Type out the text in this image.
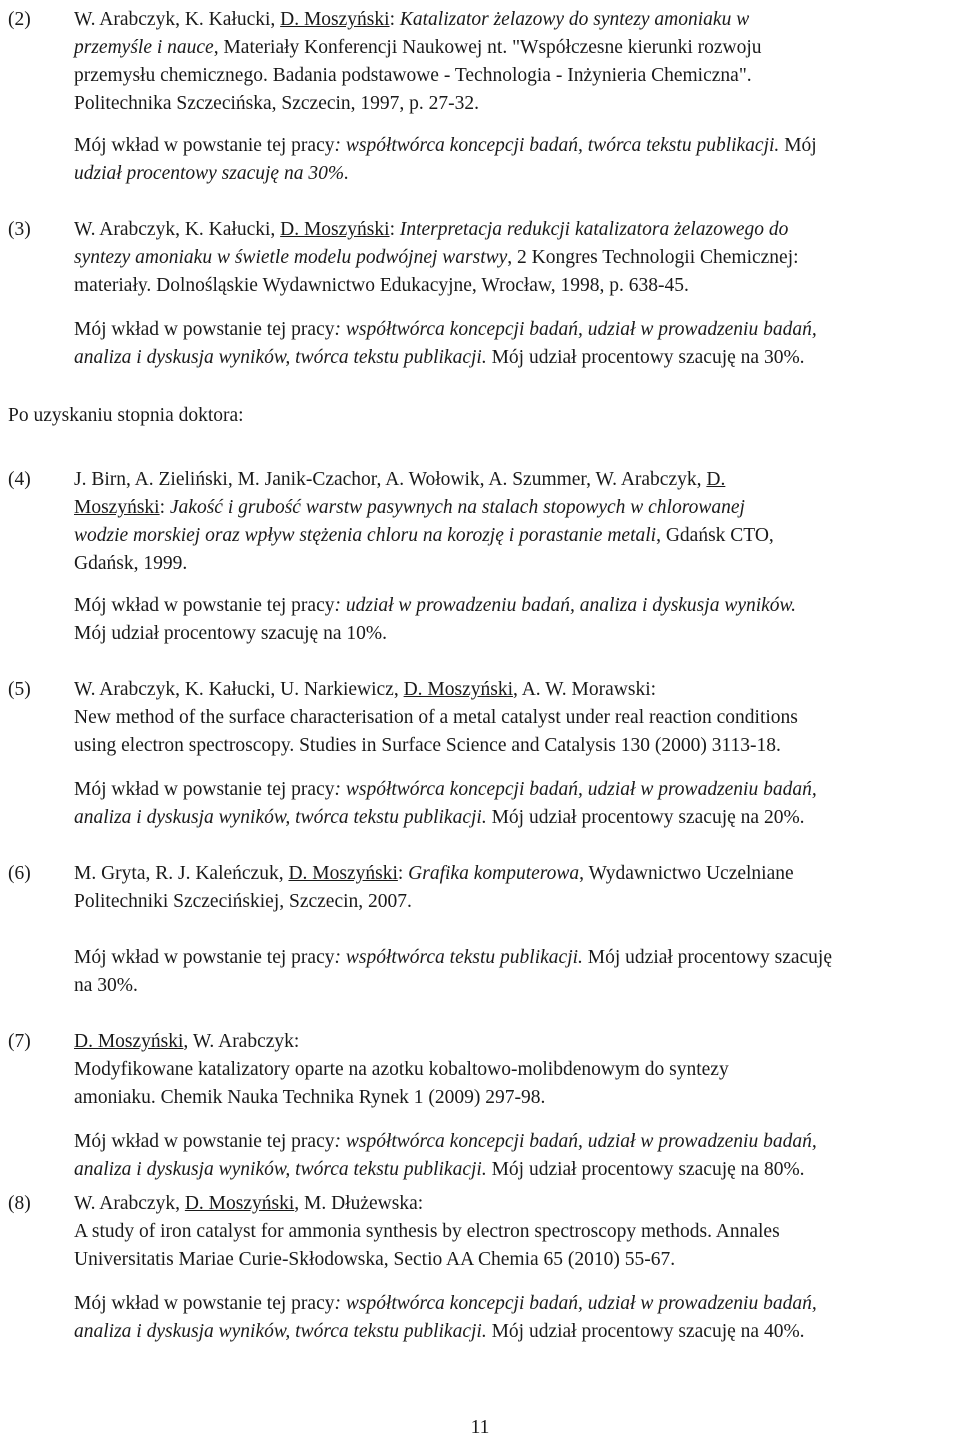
(2) W. Arabczyk, K. Kałucki, D. Moszyński: Katalizator żelazowy do syntezy amoniaku w
przemyśle i nauce, Materiały Konferencji Naukowej nt. "Współczesne kierunki rozwoju
przemysłu chemicznego. Badania podstawowe - Technologia - Inżynieria Chemiczna".
Politechnika Szczecińska, Szczecin, 1997, p. 27-32.
Mój wkład w powstanie tej pracy: współtwórca koncepcji badań, twórca tekstu publikacji. Mój
udział procentowy szacuję na 30%.
(3) W. Arabczyk, K. Kałucki, D. Moszyński: Interpretacja redukcji katalizatora żelazowego do
syntezy amoniaku w świetle modelu podwójnej warstwy, 2 Kongres Technologii Chemicznej:
materiały. Dolnośląskie Wydawnictwo Edukacyjne, Wrocław, 1998, p. 638-45.
Mój wkład w powstanie tej pracy: współtwórca koncepcji badań, udział w prowadzeniu badań,
analiza i dyskusja wyników, twórca tekstu publikacji. Mój udział procentowy szacuję na 30%.
(4) J. Birn, A. Zieliński, M. Janik-Czachor, A. Wołowik, A. Szummer, W. Arabczyk, D.
Moszyński: Jakość i grubość warstw pasywnych na stalach stopowych w chlorowanej
wodzie morskiej oraz wpływ stężenia chloru na korozję i porastanie metali, Gdańsk CTO,
Gdańsk, 1999.
Mój wkład w powstanie tej pracy: udział w prowadzeniu badań, analiza i dyskusja wyników.
Mój udział procentowy szacuję na 10%.
(5) W. Arabczyk, K. Kałucki, U. Narkiewicz, D. Moszyński, A. W. Morawski:
New method of the surface characterisation of a metal catalyst under real reaction conditions
using electron spectroscopy. Studies in Surface Science and Catalysis 130 (2000) 3113-18.
Mój wkład w powstanie tej pracy: współtwórca koncepcji badań, udział w prowadzeniu badań,
analiza i dyskusja wyników, twórca tekstu publikacji. Mój udział procentowy szacuję na 20%.
(6) M. Gryta, R. J. Kaleńczuk, D. Moszyński: Grafika komputerowa, Wydawnictwo Uczelniane
Politechniki Szczecińskiej, Szczecin, 2007.
Mój wkład w powstanie tej pracy: współtwórca tekstu publikacji. Mój udział procentowy szacuję
na 30%.
(7) D. Moszyński, W. Arabczyk:
Modyfikowane katalizatory oparte na azotku kobaltowo-molibdenowym do syntezy
amoniaku. Chemik Nauka Technika Rynek 1 (2009) 297-98.
Mój wkład w powstanie tej pracy: współtwórca koncepcji badań, udział w prowadzeniu badań,
analiza i dyskusja wyników, twórca tekstu publikacji. Mój udział procentowy szacuję na 80%.
(8) W. Arabczyk, D. Moszyński, M. Dłużewska:
A study of iron catalyst for ammonia synthesis by electron spectroscopy methods. Annales
Universitatis Mariae Curie-Skłodowska, Sectio AA Chemia 65 (2010) 55-67.
Mój wkład w powstanie tej pracy: współtwórca koncepcji badań, udział w prowadzeniu badań,
analiza i dyskusja wyników, twórca tekstu publikacji. Mój udział procentowy szacuję na 40%.
Po uzyskaniu stopnia doktora:
11
